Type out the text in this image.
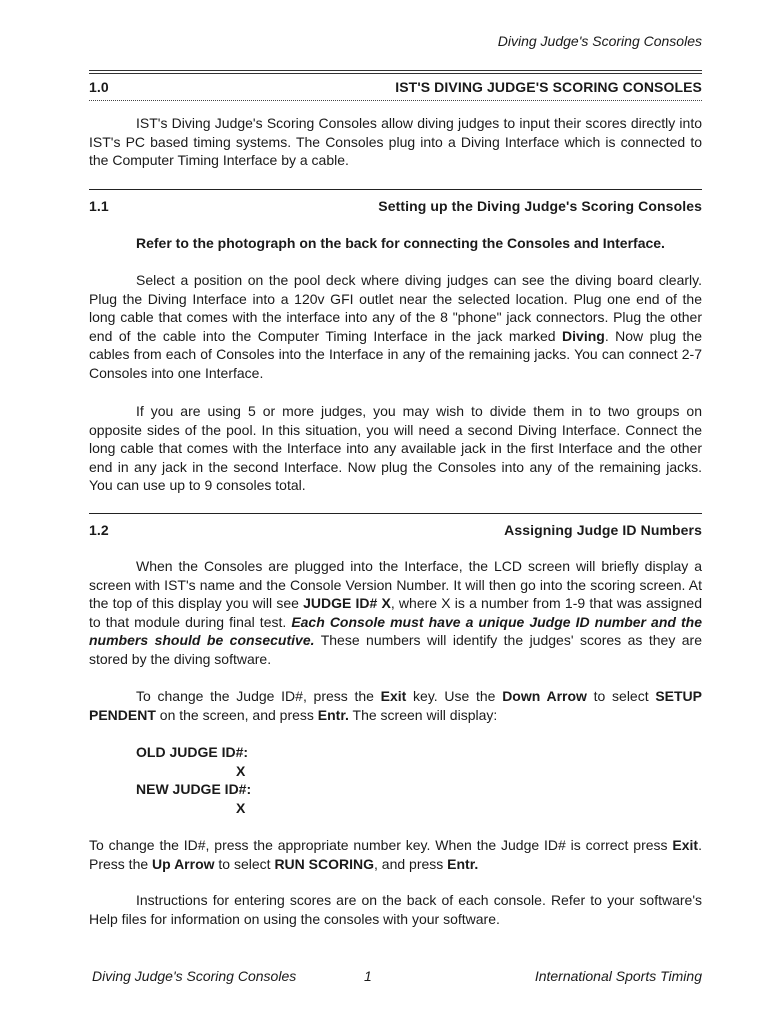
Diving Judge's Scoring Consoles
1.0	IST'S DIVING JUDGE'S SCORING CONSOLES

IST's Diving Judge's Scoring Consoles allow diving judges to input their scores directly into IST's PC based timing systems. The Consoles plug into a Diving Interface which is connected to the Computer Timing Interface by a cable.

1.1	Setting up the Diving Judge's Scoring Consoles

Refer to the photograph on the back for connecting the Consoles and Interface.

Select a position on the pool deck where diving judges can see the diving board clearly. Plug the Diving Interface into a 120v GFI outlet near the selected location. Plug one end of the long cable that comes with the interface into any of the 8 "phone" jack connectors. Plug the other end of the cable into the Computer Timing Interface in the jack marked Diving. Now plug the cables from each of Consoles into the Interface in any of the remaining jacks. You can connect 2-7 Consoles into one Interface.

If you are using 5 or more judges, you may wish to divide them in to two groups on opposite sides of the pool. In this situation, you will need a second Diving Interface. Connect the long cable that comes with the Interface into any available jack in the first Interface and the other end in any jack in the second Interface. Now plug the Consoles into any of the remaining jacks. You can use up to 9 consoles total.

1.2	Assigning Judge ID Numbers

When the Consoles are plugged into the Interface, the LCD screen will briefly display a screen with IST's name and the Console Version Number. It will then go into the scoring screen. At the top of this display you will see JUDGE ID# X, where X is a number from 1-9 that was assigned to that module during final test. Each Console must have a unique Judge ID number and the numbers should be consecutive. These numbers will identify the judges' scores as they are stored by the diving software.

To change the Judge ID#, press the Exit key. Use the Down Arrow to select SETUP PENDENT on the screen, and press Entr. The screen will display:

OLD JUDGE ID#:
X
NEW JUDGE ID#:
X

To change the ID#, press the appropriate number key. When the Judge ID# is correct press Exit. Press the Up Arrow to select RUN SCORING, and press Entr.

Instructions for entering scores are on the back of each console. Refer to your software's Help files for information on using the consoles with your software.

Diving Judge's Scoring Consoles	1	International Sports Timing
